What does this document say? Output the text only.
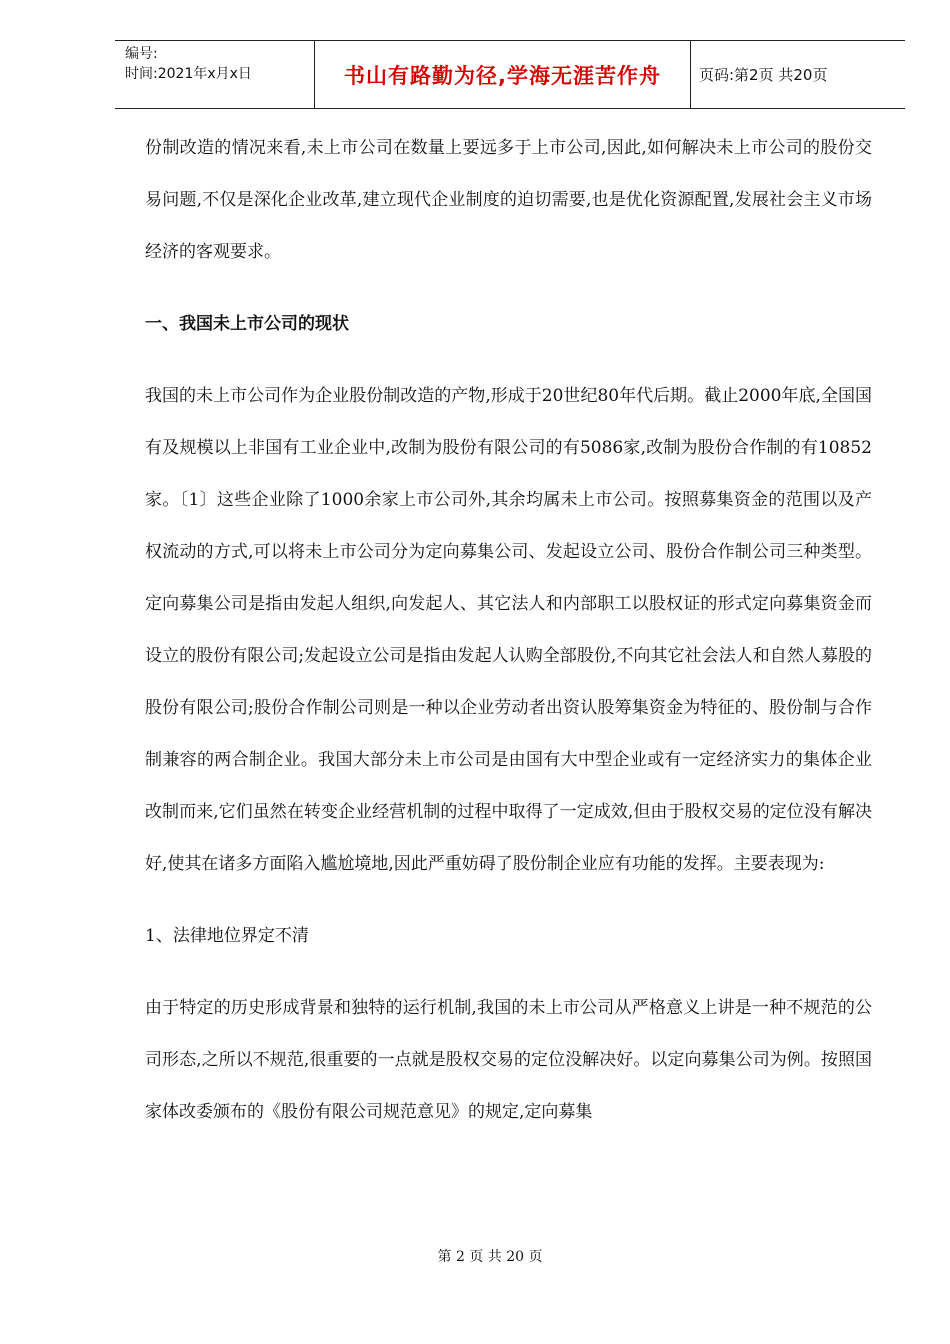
编号:
时间:2021年x月x日	书山有路勤为径,学海无涯苦作舟	页码:第2页 共20页

份制改造的情况来看,未上市公司在数量上要远多于上市公司,因此,如何解决未上市公司的股份交易问题,不仅是深化企业改革,建立现代企业制度的迫切需要,也是优化资源配置,发展社会主义市场经济的客观要求。

一、我国未上市公司的现状

我国的未上市公司作为企业股份制改造的产物,形成于20世纪80年代后期。截止2000年底,全国国有及规模以上非国有工业企业中,改制为股份有限公司的有5086家,改制为股份合作制的有10852家。〔1〕这些企业除了1000余家上市公司外,其余均属未上市公司。按照募集资金的范围以及产权流动的方式,可以将未上市公司分为定向募集公司、发起设立公司、股份合作制公司三种类型。定向募集公司是指由发起人组织,向发起人、其它法人和内部职工以股权证的形式定向募集资金而设立的股份有限公司;发起设立公司是指由发起人认购全部股份,不向其它社会法人和自然人募股的股份有限公司;股份合作制公司则是一种以企业劳动者出资认股筹集资金为特征的、股份制与合作制兼容的两合制企业。我国大部分未上市公司是由国有大中型企业或有一定经济实力的集体企业改制而来,它们虽然在转变企业经营机制的过程中取得了一定成效,但由于股权交易的定位没有解决好,使其在诸多方面陷入尴尬境地,因此严重妨碍了股份制企业应有功能的发挥。主要表现为:

1、法律地位界定不清

由于特定的历史形成背景和独特的运行机制,我国的未上市公司从严格意义上讲是一种不规范的公司形态,之所以不规范,很重要的一点就是股权交易的定位没解决好。以定向募集公司为例。按照国家体改委颁布的《股份有限公司规范意见》的规定,定向募集

第 2 页 共 20 页
